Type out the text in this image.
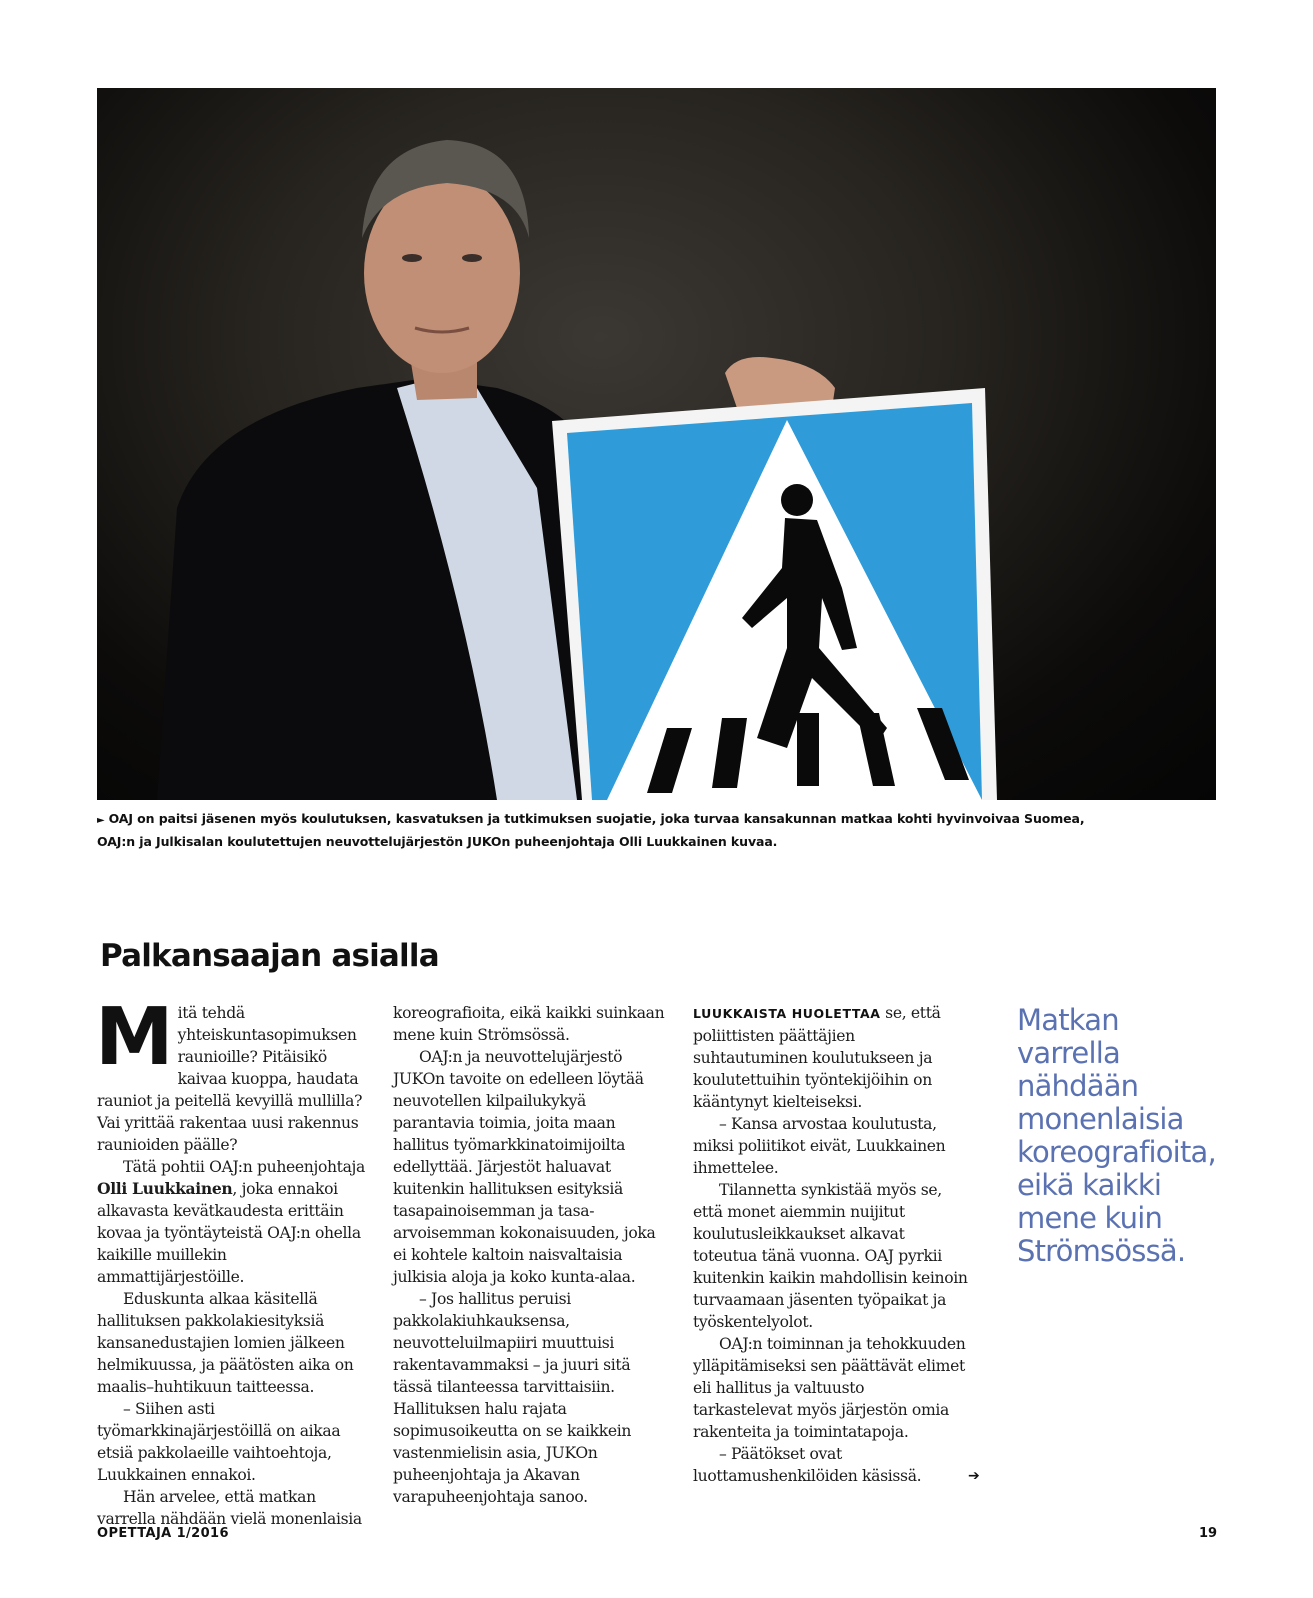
► OAJ on paitsi jäsenen myös koulutuksen, kasvatuksen ja tutkimuksen suojatie, joka turvaa kansakunnan matkaa kohti hyvinvoivaa Suomea,
OAJ:n ja Julkisalan koulutettujen neuvottelujärjestön JUKOn puheenjohtaja Olli Luukkainen kuvaa.
Palkansaajan asialla

Mitä tehdä yhteiskuntasopimuksen raunioille? Pitäisikö kaivaa kuoppa, haudata rauniot ja peitellä kevyillä mullilla? Vai yrittää rakentaa uusi rakennus raunioiden päälle?

Tätä pohtii OAJ:n puheenjohtaja Olli Luukkainen, joka ennakoi alkavasta kevätkaudesta erittäin kovaa ja työntäyteistä OAJ:n ohella kaikille muillekin ammattijärjestöille.

Eduskunta alkaa käsitellä hallituksen pakkolakiesityksiä kansanedustajien lomien jälkeen helmikuussa, ja päätösten aika on maalis–huhtikuun taitteessa.

– Siihen asti työmarkkinajärjestöillä on aikaa etsiä pakkolaeille vaihtoehtoja, Luukkainen ennakoi.

Hän arvelee, että matkan varrella nähdään vielä monenlaisia

koreografioita, eikä kaikki suinkaan mene kuin Strömsössä.

OAJ:n ja neuvottelujärjestö JUKOn tavoite on edelleen löytää neuvotellen kilpailukykyä parantavia toimia, joita maan hallitus työmarkkinatoimijoilta edellyttää. Järjestöt haluavat kuitenkin hallituksen esityksiä tasapainoisemman ja tasa-arvoisemman kokonaisuuden, joka ei kohtele kaltoin naisvaltaisia julkisia aloja ja koko kunta-alaa.

– Jos hallitus peruisi pakkolakiuhkauksensa, neuvotteluilmapiiri muuttuisi rakentavammaksi – ja juuri sitä tässä tilanteessa tarvittaisiin. Hallituksen halu rajata sopimusoikeutta on se kaikkein vastenmielisin asia, JUKOn puheenjohtaja ja Akavan varapuheenjohtaja sanoo.

LUUKKAISTA HUOLETTAA se, että poliittisten päättäjien suhtautuminen koulutukseen ja koulutettuihin työntekijöihin on kääntynyt kielteiseksi.

– Kansa arvostaa koulutusta, miksi poliitikot eivät, Luukkainen ihmettelee.

Tilannetta synkistää myös se, että monet aiemmin nuijitut koulutusleikkaukset alkavat toteutua tänä vuonna. OAJ pyrkii kuitenkin kaikin mahdollisin keinoin turvaamaan jäsenten työpaikat ja työskentelyolot.

OAJ:n toiminnan ja tehokkuuden ylläpitämiseksi sen päättävät elimet eli hallitus ja valtuusto tarkastelevat myös järjestön omia rakenteita ja toimintatapoja.

– Päätökset ovat luottamushenkilöiden käsissä.	➔
Matkan
varrella
nähdään
monenlaisia
koreografioita,
eikä kaikki
mene kuin
Strömsössä.
OPETTAJA 1/2016	19
